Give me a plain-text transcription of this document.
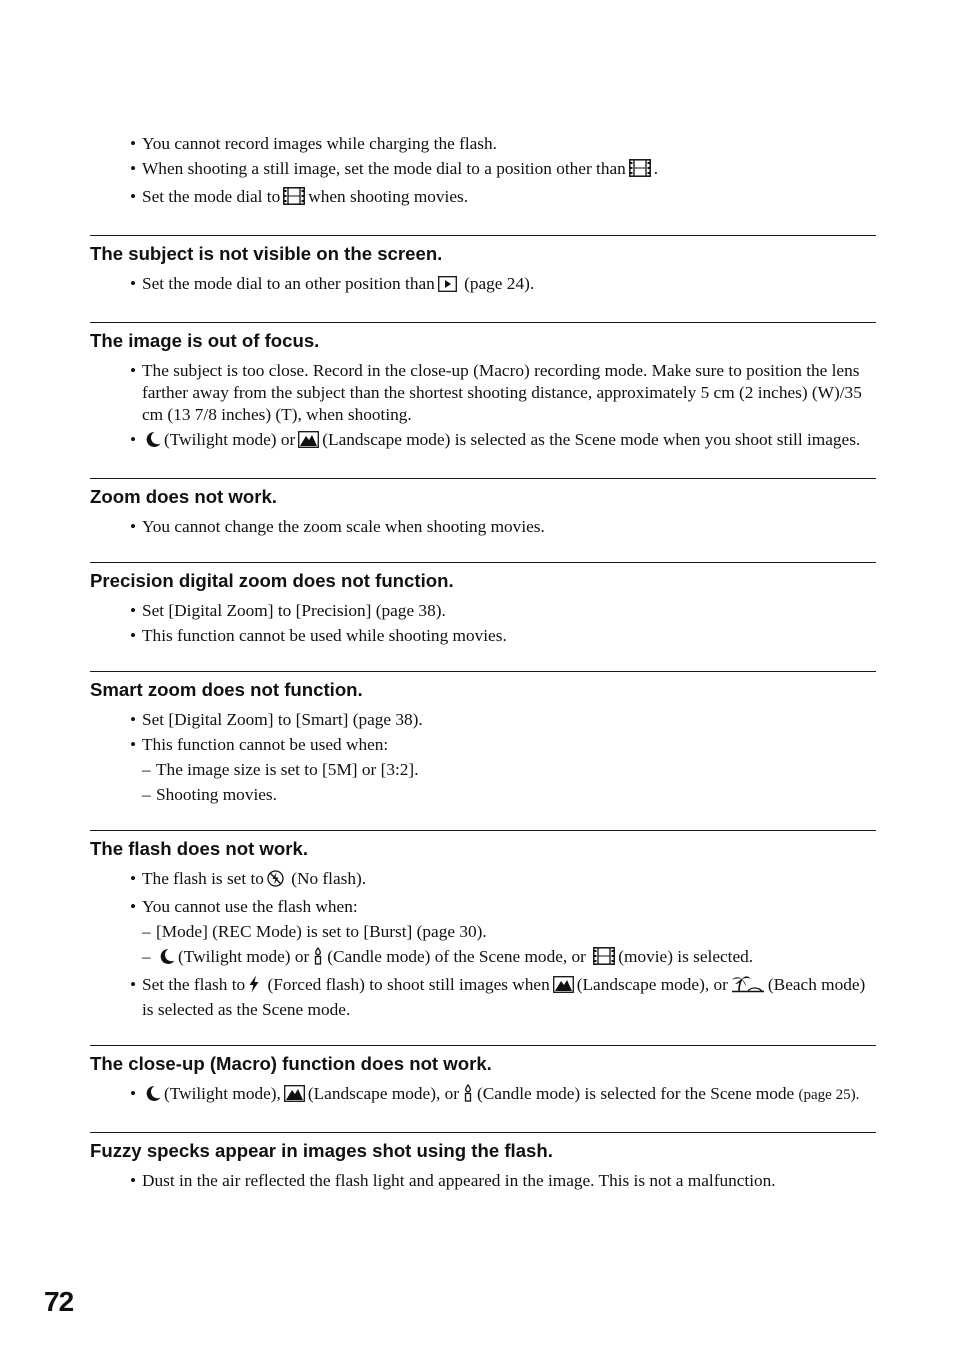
• You cannot record images while charging the flash.
• When shooting a still image, set the mode dial to a position other than .
• Set the mode dial to when shooting movies.
The subject is not visible on the screen.
• Set the mode dial to an other position than (page 24).
The image is out of focus.
• The subject is too close. Record in the close-up (Macro) recording mode. Make sure to position the lens farther away from the subject than the shortest shooting distance, approximately 5 cm (2 inches) (W)/35 cm (13 7/8 inches) (T), when shooting.
• (Twilight mode) or (Landscape mode) is selected as the Scene mode when you shoot still images.
Zoom does not work.
• You cannot change the zoom scale when shooting movies.
Precision digital zoom does not function.
• Set [Digital Zoom] to [Precision] (page 38).
• This function cannot be used while shooting movies.
Smart zoom does not function.
• Set [Digital Zoom] to [Smart] (page 38).
• This function cannot be used when:
– The image size is set to [5M] or [3:2].
– Shooting movies.
The flash does not work.
• The flash is set to (No flash).
• You cannot use the flash when:
– [Mode] (REC Mode) is set to [Burst] (page 30).
– (Twilight mode) or (Candle mode) of the Scene mode, or (movie) is selected.
• Set the flash to (Forced flash) to shoot still images when (Landscape mode), or (Beach mode) is selected as the Scene mode.
The close-up (Macro) function does not work.
• (Twilight mode), (Landscape mode), or (Candle mode) is selected for the Scene mode (page 25).
Fuzzy specks appear in images shot using the flash.
• Dust in the air reflected the flash light and appeared in the image. This is not a malfunction.
72
